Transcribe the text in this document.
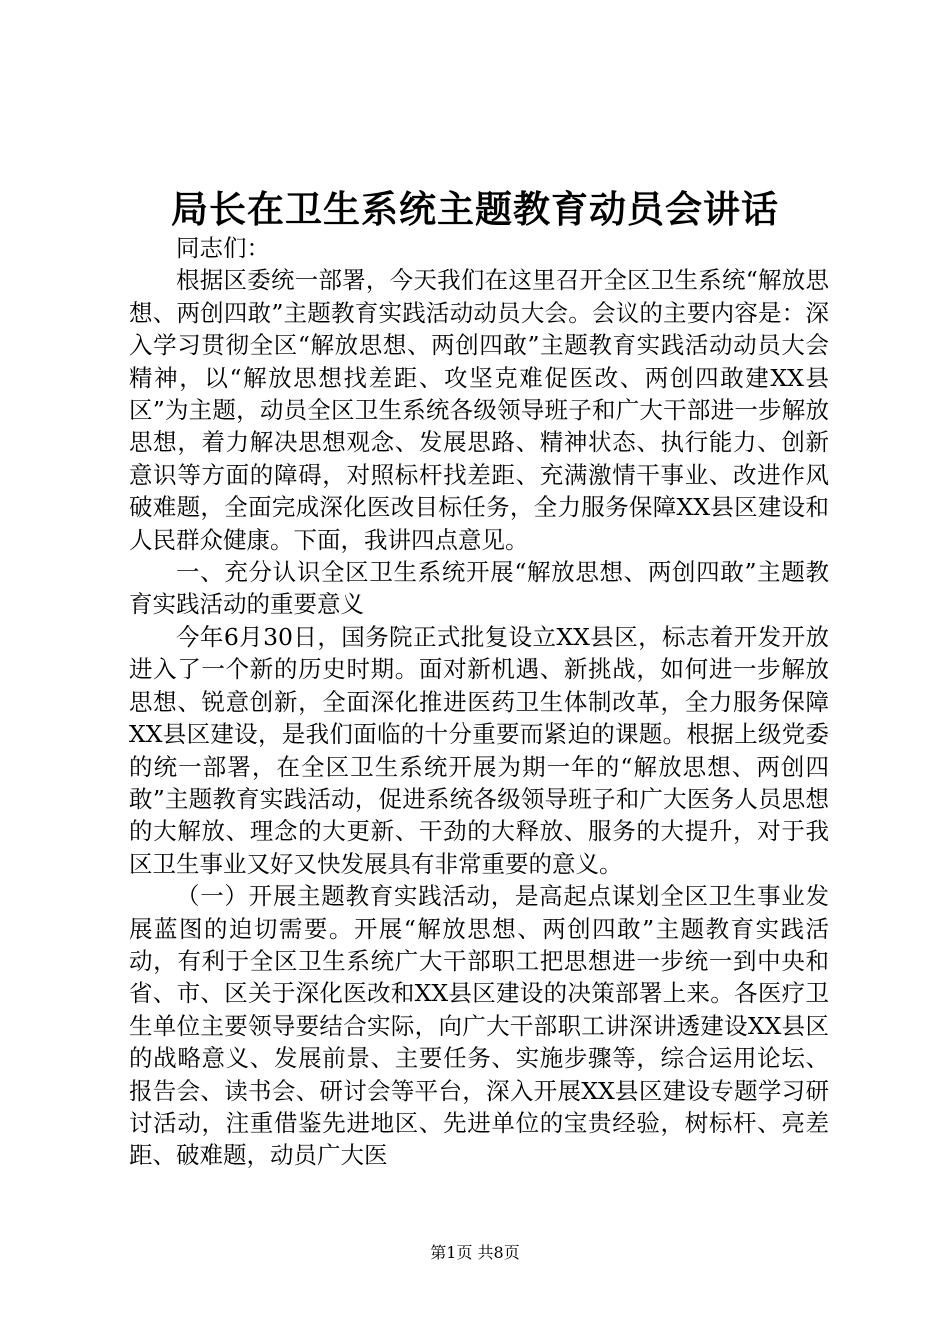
局长在卫生系统主题教育动员会讲话

同志们：

根据区委统一部署，今天我们在这里召开全区卫生系统“解放思想、两创四敢”主题教育实践活动动员大会。会议的主要内容是：深入学习贯彻全区“解放思想、两创四敢”主题教育实践活动动员大会精神，以“解放思想找差距、攻坚克难促医改、两创四敢建XX县区”为主题，动员全区卫生系统各级领导班子和广大干部进一步解放思想，着力解决思想观念、发展思路、精神状态、执行能力、创新意识等方面的障碍，对照标杆找差距、充满激情干事业、改进作风破难题，全面完成深化医改目标任务，全力服务保障XX县区建设和人民群众健康。下面，我讲四点意见。

一、充分认识全区卫生系统开展“解放思想、两创四敢”主题教育实践活动的重要意义

今年6月30日，国务院正式批复设立XX县区，标志着开发开放进入了一个新的历史时期。面对新机遇、新挑战，如何进一步解放思想、锐意创新，全面深化推进医药卫生体制改革，全力服务保障XX县区建设，是我们面临的十分重要而紧迫的课题。根据上级党委的统一部署，在全区卫生系统开展为期一年的“解放思想、两创四敢”主题教育实践活动，促进系统各级领导班子和广大医务人员思想的大解放、理念的大更新、干劲的大释放、服务的大提升，对于我区卫生事业又好又快发展具有非常重要的意义。

（一）开展主题教育实践活动，是高起点谋划全区卫生事业发展蓝图的迫切需要。开展“解放思想、两创四敢”主题教育实践活动，有利于全区卫生系统广大干部职工把思想进一步统一到中央和省、市、区关于深化医改和XX县区建设的决策部署上来。各医疗卫生单位主要领导要结合实际，向广大干部职工讲深讲透建设XX县区的战略意义、发展前景、主要任务、实施步骤等，综合运用论坛、报告会、读书会、研讨会等平台，深入开展XX县区建设专题学习研讨活动，注重借鉴先进地区、先进单位的宝贵经验，树标杆、亮差距、破难题，动员广大医

第1页 共8页
